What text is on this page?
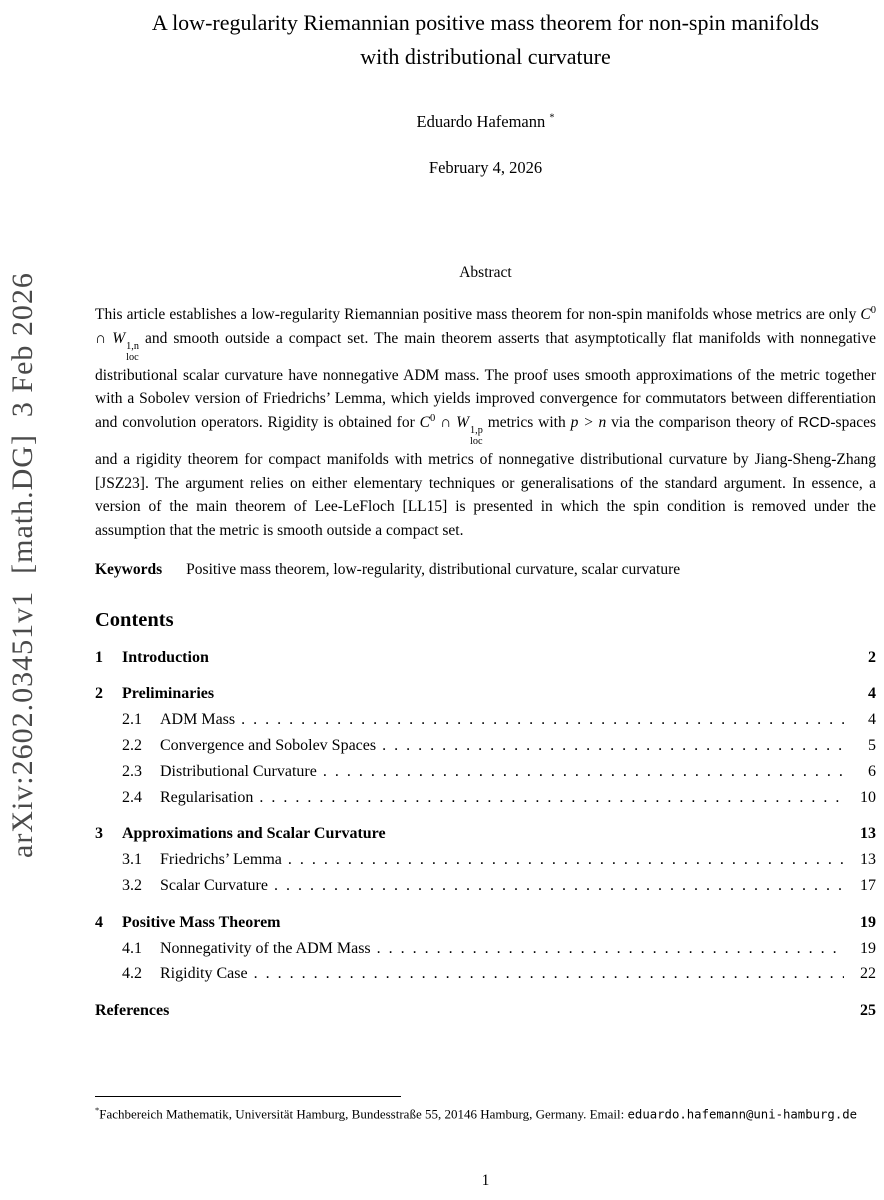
arXiv:2602.03451v1  [math.DG]  3 Feb 2026
A low-regularity Riemannian positive mass theorem for non-spin manifolds with distributional curvature
Eduardo Hafemann *
February 4, 2026
Abstract

This article establishes a low-regularity Riemannian positive mass theorem for non-spin manifolds whose metrics are only $C^0$ ∩ W 1,n
loc
and smooth outside a compact set. The main theorem asserts that asymptotically flat manifolds with nonnegative distributional scalar curvature have nonnegative ADM mass. The proof uses smooth approximations of the metric together with a Sobolev version of Friedrichs’ Lemma, which yields improved convergence for commutators between differentiation and convolution operators. Rigidity is obtained for $C^0$ ∩ W 1,p
loc
metrics with p > n via the comparison theory of RCD-spaces and a rigidity theorem for compact manifolds with metrics of nonnegative distributional curvature by Jiang-Sheng-Zhang [JSZ23]. The argument relies on either elementary techniques or generalisations of the standard argument. In essence, a version of the main theorem of Lee-LeFloch [LL15] is presented in which the spin condition is removed under the assumption that the metric is smooth outside a compact set.

Keywords Positive mass theorem, low-regularity, distributional curvature, scalar curvature
Contents
1	Introduction	2
2	Preliminaries	4
2.1	ADM Mass . . .	4
2.2	Convergence and Sobolev Spaces . . .	5
2.3	Distributional Curvature . . .	6
2.4	Regularisation . . .	10
3	Approximations and Scalar Curvature	13
3.1	Friedrichs’ Lemma . . .	13
3.2	Scalar Curvature . . .	17
4	Positive Mass Theorem	19
4.1	Nonnegativity of the ADM Mass . . .	19
4.2	Rigidity Case . . .	22
References	25
*Fachbereich Mathematik, Universität Hamburg, Bundesstraße 55, 20146 Hamburg, Germany. Email: eduardo.hafemann@uni-hamburg.de
1
